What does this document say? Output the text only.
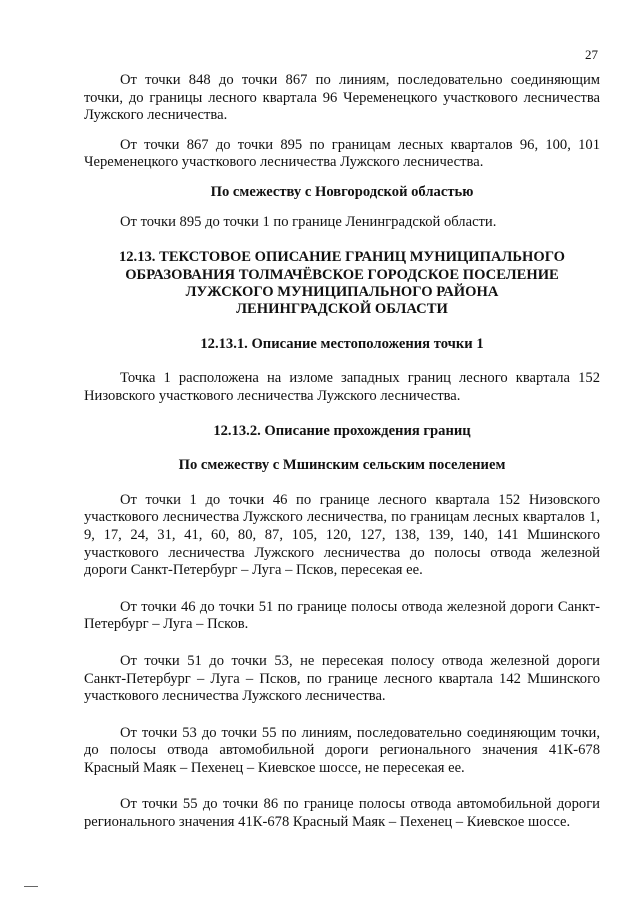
27

От точки 848 до точки 867 по линиям, последовательно соединяющим точки, до границы лесного квартала 96 Череменецкого участкового лесничества Лужского лесничества.

От точки 867 до точки 895 по границам лесных кварталов 96, 100, 101 Череменецкого участкового лесничества Лужского лесничества.

По смежеству с Новгородской областью

От точки 895 до точки 1 по границе Ленинградской области.

12.13. ТЕКСТОВОЕ ОПИСАНИЕ ГРАНИЦ МУНИЦИПАЛЬНОГО

ОБРАЗОВАНИЯ ТОЛМАЧЁВСКОЕ ГОРОДСКОЕ ПОСЕЛЕНИЕ

ЛУЖСКОГО МУНИЦИПАЛЬНОГО РАЙОНА

ЛЕНИНГРАДСКОЙ ОБЛАСТИ

12.13.1. Описание местоположения точки 1

Точка 1 расположена на изломе западных границ лесного квартала 152 Низовского участкового лесничества Лужского лесничества.

12.13.2. Описание прохождения границ

По смежеству с Мшинским сельским поселением

От точки 1 до точки 46 по границе лесного квартала 152 Низовского участкового лесничества Лужского лесничества, по границам лесных кварталов 1, 9, 17, 24, 31, 41, 60, 80, 87, 105, 120, 127, 138, 139, 140, 141 Мшинского участкового лесничества Лужского лесничества до полосы отвода железной дороги Санкт-Петербург – Луга – Псков, пересекая ее.

От точки 46 до точки 51 по границе полосы отвода железной дороги Санкт-Петербург – Луга – Псков.

От точки 51 до точки 53, не пересекая полосу отвода железной дороги Санкт-Петербург – Луга – Псков, по границе лесного квартала 142 Мшинского участкового лесничества Лужского лесничества.

От точки 53 до точки 55 по линиям, последовательно соединяющим точки, до полосы отвода автомобильной дороги регионального значения 41К-678 Красный Маяк – Пехенец – Киевское шоссе, не пересекая ее.

От точки 55 до точки 86 по границе полосы отвода автомобильной дороги регионального значения 41К-678 Красный Маяк – Пехенец – Киевское шоссе.
